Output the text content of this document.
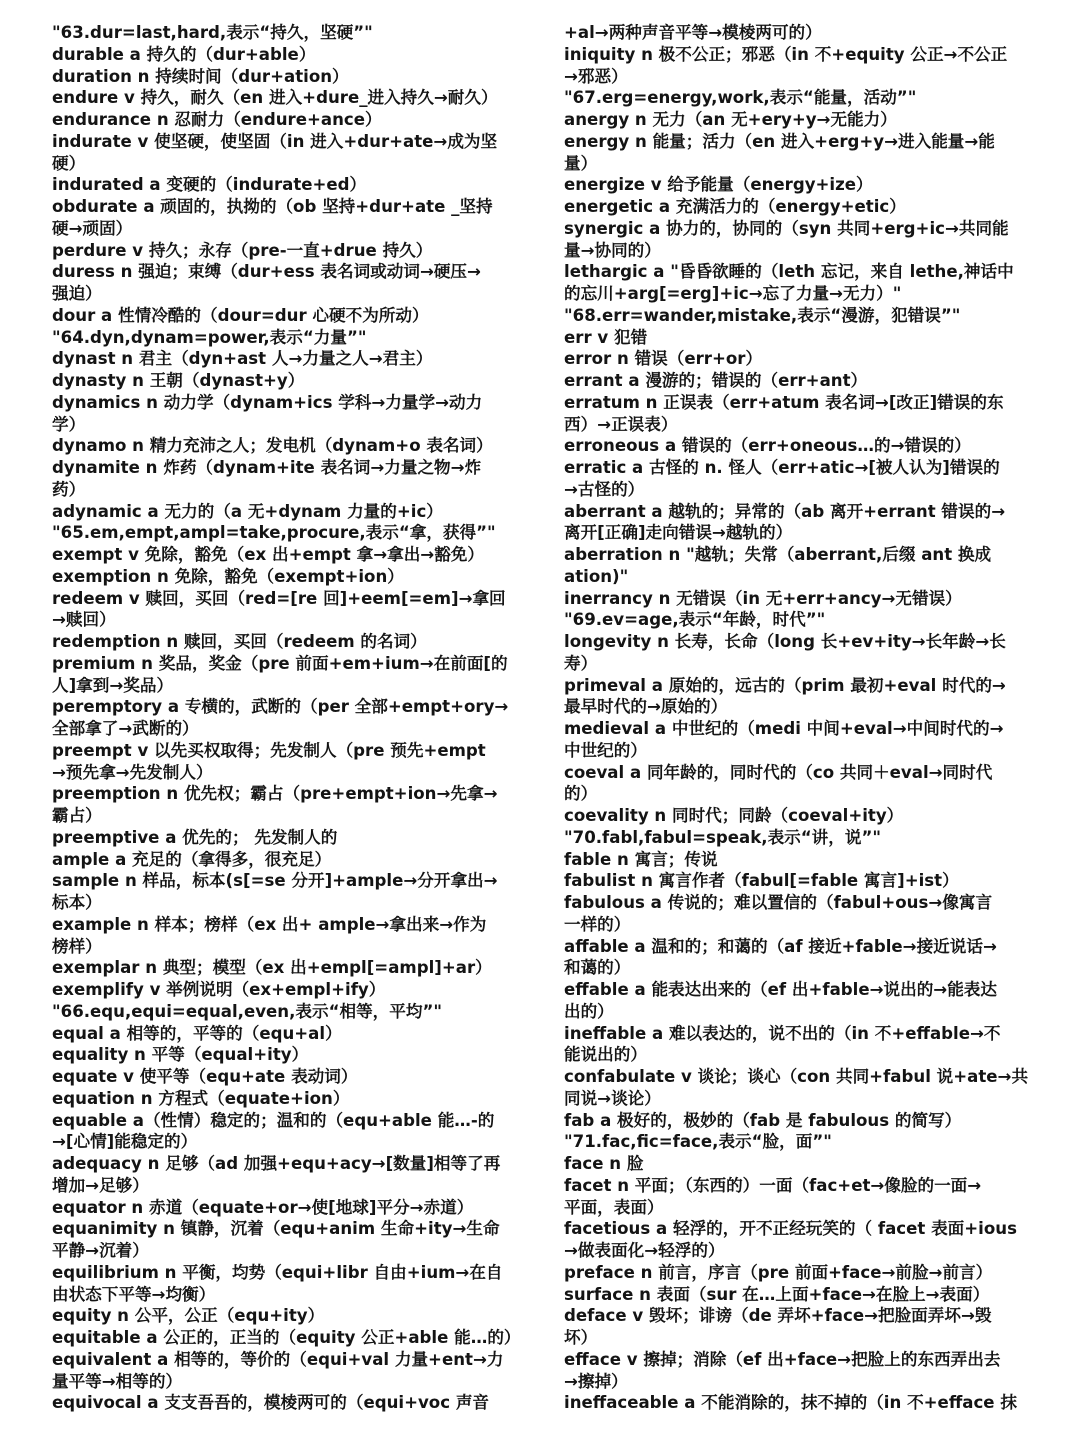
"63.dur=last,hard,表示“持久，坚硬”"
durable a 持久的（dur+able）
duration n 持续时间（dur+ation）
endure v 持久，耐久（en 进入+dure_进入持久→耐久）
endurance n 忍耐力（endure+ance）
indurate v 使坚硬，使坚固（in 进入+dur+ate→成为坚
硬）
indurated a 变硬的（indurate+ed）
obdurate a 顽固的，执拗的（ob 坚持+dur+ate _坚持
硬→顽固）
perdure v 持久；永存（pre-一直+drue 持久）
duress n 强迫；束缚（dur+ess 表名词或动词→硬压→
强迫）
dour a 性情冷酷的（dour=dur 心硬不为所动）
"64.dyn,dynam=power,表示“力量”"
dynast n 君主（dyn+ast 人→力量之人→君主）
dynasty n 王朝（dynast+y）
dynamics n 动力学（dynam+ics 学科→力量学→动力
学）
dynamo n 精力充沛之人；发电机（dynam+o 表名词）
dynamite n 炸药（dynam+ite 表名词→力量之物→炸
药）
adynamic a 无力的（a 无+dynam 力量的+ic）
"65.em,empt,ampl=take,procure,表示“拿，获得”"
exempt v 免除，豁免（ex 出+empt 拿→拿出→豁免）
exemption n 免除，豁免（exempt+ion）
redeem v 赎回，买回（red=[re 回]+eem[=em]→拿回
→赎回）
redemption n 赎回，买回（redeem 的名词）
premium n 奖品，奖金（pre 前面+em+ium→在前面[的
人]拿到→奖品）
peremptory a 专横的，武断的（per 全部+empt+ory→
全部拿了→武断的）
preempt v 以先买权取得；先发制人（pre 预先+empt
→预先拿→先发制人）
preemption n 优先权；霸占（pre+empt+ion→先拿→
霸占）
preemptive a 优先的； 先发制人的
ample a 充足的（拿得多，很充足）
sample n 样品，标本(s[=se 分开]+ample→分开拿出→
标本）
example n 样本；榜样（ex 出+ ample→拿出来→作为
榜样）
exemplar n 典型；模型（ex 出+empl[=ampl]+ar）
exemplify v 举例说明（ex+empl+ify）
"66.equ,equi=equal,even,表示“相等，平均”"
equal a 相等的，平等的（equ+al）
equality n 平等（equal+ity）
equate v 使平等（equ+ate 表动词）
equation n 方程式（equate+ion）
equable a（性情）稳定的；温和的（equ+able 能…-的
→[心情]能稳定的）
adequacy n 足够（ad 加强+equ+acy→[数量]相等了再
增加→足够）
equator n 赤道（equate+or→使[地球]平分→赤道）
equanimity n 镇静，沉着（equ+anim 生命+ity→生命
平静→沉着）
equilibrium n 平衡，均势（equi+libr 自由+ium→在自
由状态下平等→均衡）
equity n 公平，公正（equ+ity）
equitable a 公正的，正当的（equity 公正+able 能…的）
equivalent a 相等的，等价的（equi+val 力量+ent→力
量平等→相等的）
equivocal a 支支吾吾的，模棱两可的（equi+voc 声音
+al→两种声音平等→模棱两可的）
iniquity n 极不公正；邪恶（in 不+equity 公正→不公正
→邪恶）
"67.erg=energy,work,表示“能量，活动”"
anergy n 无力（an 无+ery+y→无能力）
energy n 能量；活力（en 进入+erg+y→进入能量→能
量）
energize v 给予能量（energy+ize）
energetic a 充满活力的（energy+etic）
synergic a 协力的，协同的（syn 共同+erg+ic→共同能
量→协同的）
lethargic a "昏昏欲睡的（leth 忘记，来自 lethe,神话中
的忘川+arg[=erg]+ic→忘了力量→无力）"
"68.err=wander,mistake,表示“漫游，犯错误”"
err v 犯错
error n 错误（err+or）
errant a 漫游的；错误的（err+ant）
erratum n 正误表（err+atum 表名词→[改正]错误的东
西）→正误表）
erroneous a 错误的（err+oneous…的→错误的）
erratic a 古怪的 n. 怪人（err+atic→[被人认为]错误的
→古怪的）
aberrant a 越轨的；异常的（ab 离开+errant 错误的→
离开[正确]走向错误→越轨的）
aberration n "越轨；失常（aberrant,后缀 ant 换成
ation)"
inerrancy n 无错误（in 无+err+ancy→无错误）
"69.ev=age,表示“年龄，时代”"
longevity n 长寿，长命（long 长+ev+ity→长年龄→长
寿）
primeval a 原始的，远古的（prim 最初+eval 时代的→
最早时代的→原始的）
medieval a 中世纪的（medi 中间+eval→中间时代的→
中世纪的）
coeval a 同年龄的，同时代的（co 共同＋eval→同时代
的）
coevality n 同时代；同龄（coeval+ity）
"70.fabl,fabul=speak,表示“讲，说”"
fable n 寓言；传说
fabulist n 寓言作者（fabul[=fable 寓言]+ist）
fabulous a 传说的；难以置信的（fabul+ous→像寓言
一样的）
affable a 温和的；和蔼的（af 接近+fable→接近说话→
和蔼的）
effable a 能表达出来的（ef 出+fable→说出的→能表达
出的）
ineffable a 难以表达的，说不出的（in 不+effable→不
能说出的）
confabulate v 谈论；谈心（con 共同+fabul 说+ate→共
同说→谈论）
fab a 极好的，极妙的（fab 是 fabulous 的简写）
"71.fac,fic=face,表示“脸，面”"
face n 脸
facet n 平面；（东西的）一面（fac+et→像脸的一面→
平面，表面）
facetious a 轻浮的，开不正经玩笑的（ facet 表面+ious
→做表面化→轻浮的）
preface n 前言，序言（pre 前面+face→前脸→前言）
surface n 表面（sur 在…上面+face→在脸上→表面）
deface v 毁坏；诽谤（de 弄坏+face→把脸面弄坏→毁
坏）
efface v 擦掉；消除（ef 出+face→把脸上的东西弄出去
→擦掉）
ineffaceable a 不能消除的，抹不掉的（in 不+efface 抹
